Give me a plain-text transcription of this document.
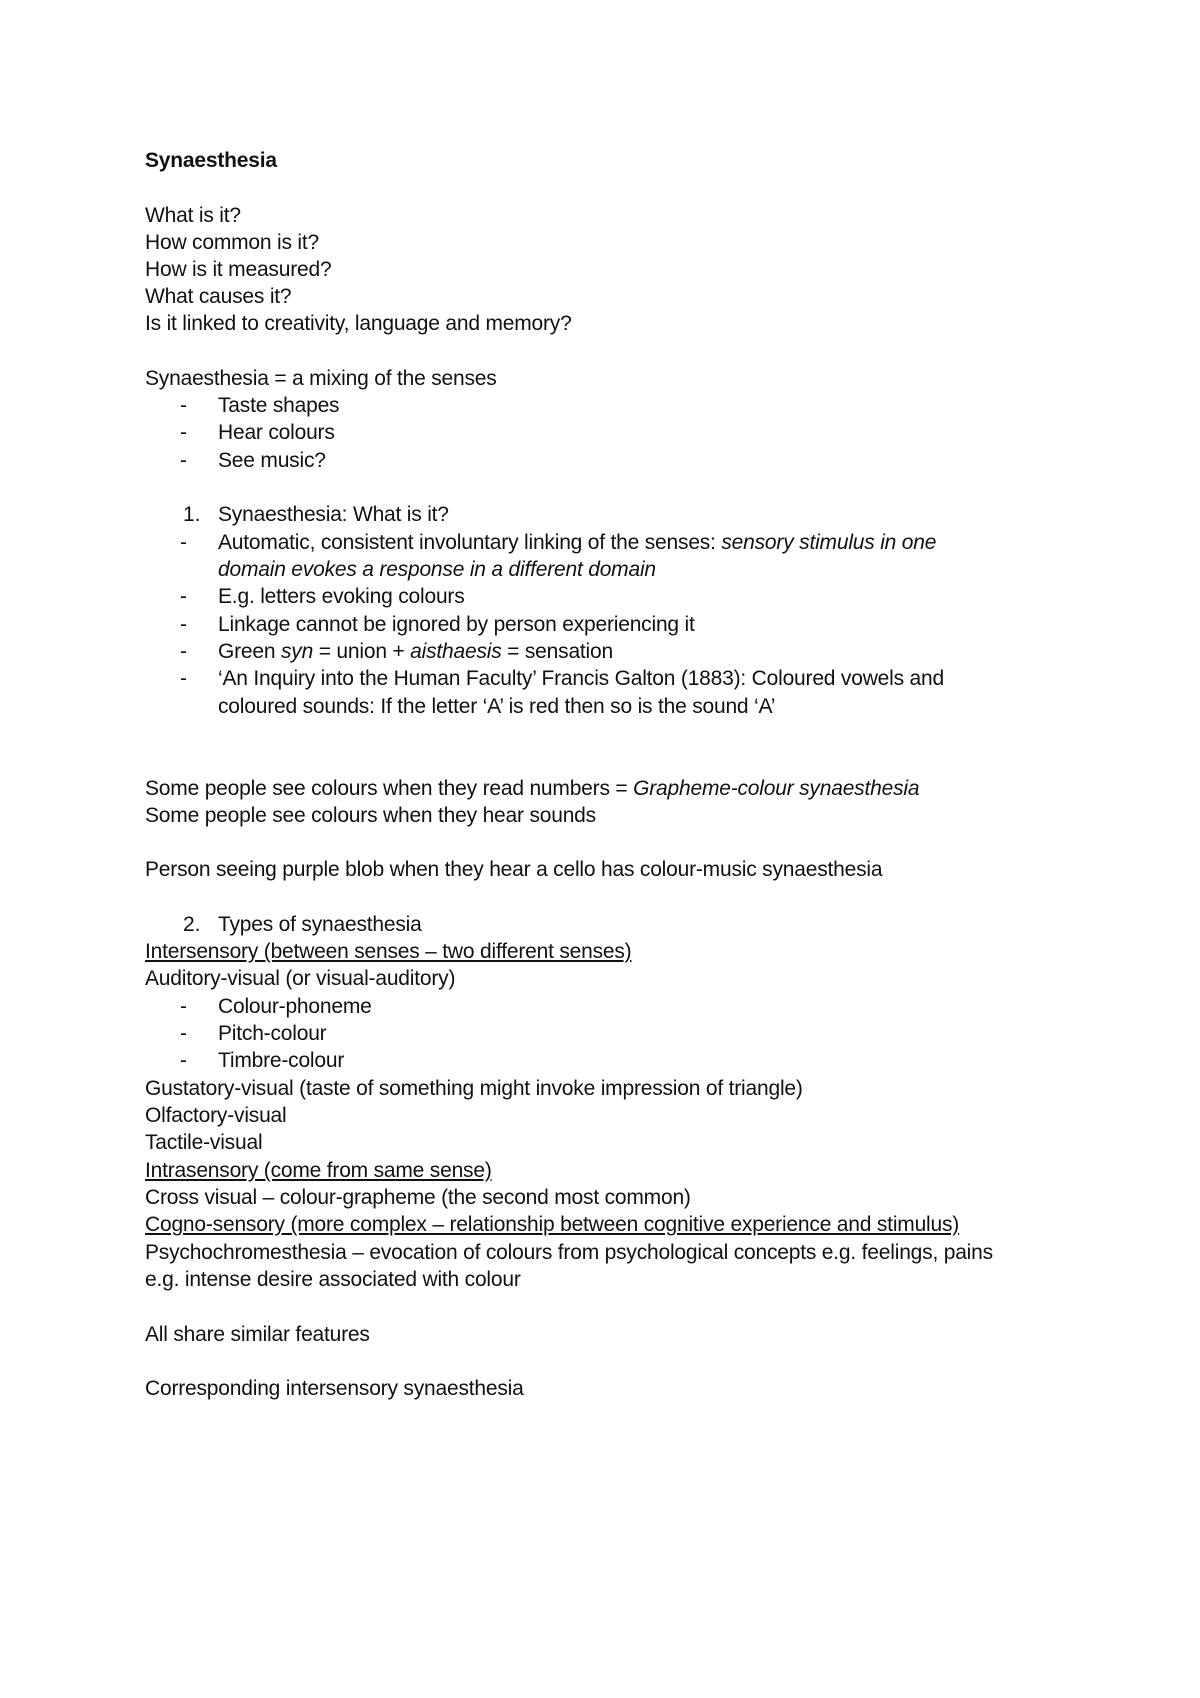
Synaesthesia
What is it?
How common is it?
How is it measured?
What causes it?
Is it linked to creativity, language and memory?
Synaesthesia = a mixing of the senses
- Taste shapes
- Hear colours
- See music?
1. Synaesthesia: What is it?
- Automatic, consistent involuntary linking of the senses: sensory stimulus in one
domain evokes a response in a different domain
- E.g. letters evoking colours
- Linkage cannot be ignored by person experiencing it
- Green syn = union + aisthaesis = sensation
- ‘An Inquiry into the Human Faculty’ Francis Galton (1883): Coloured vowels and
coloured sounds: If the letter ‘A’ is red then so is the sound ‘A’
Some people see colours when they read numbers = Grapheme-colour synaesthesia
Some people see colours when they hear sounds
Person seeing purple blob when they hear a cello has colour-music synaesthesia
2. Types of synaesthesia
Intersensory (between senses – two different senses)
Auditory-visual (or visual-auditory)
- Colour-phoneme
- Pitch-colour
- Timbre-colour
Gustatory-visual (taste of something might invoke impression of triangle)
Olfactory-visual
Tactile-visual
Intrasensory (come from same sense)
Cross visual – colour-grapheme (the second most common)
Cogno-sensory (more complex – relationship between cognitive experience and stimulus)
Psychochromesthesia – evocation of colours from psychological concepts e.g. feelings, pains
e.g. intense desire associated with colour
All share similar features
Corresponding intersensory synaesthesia
